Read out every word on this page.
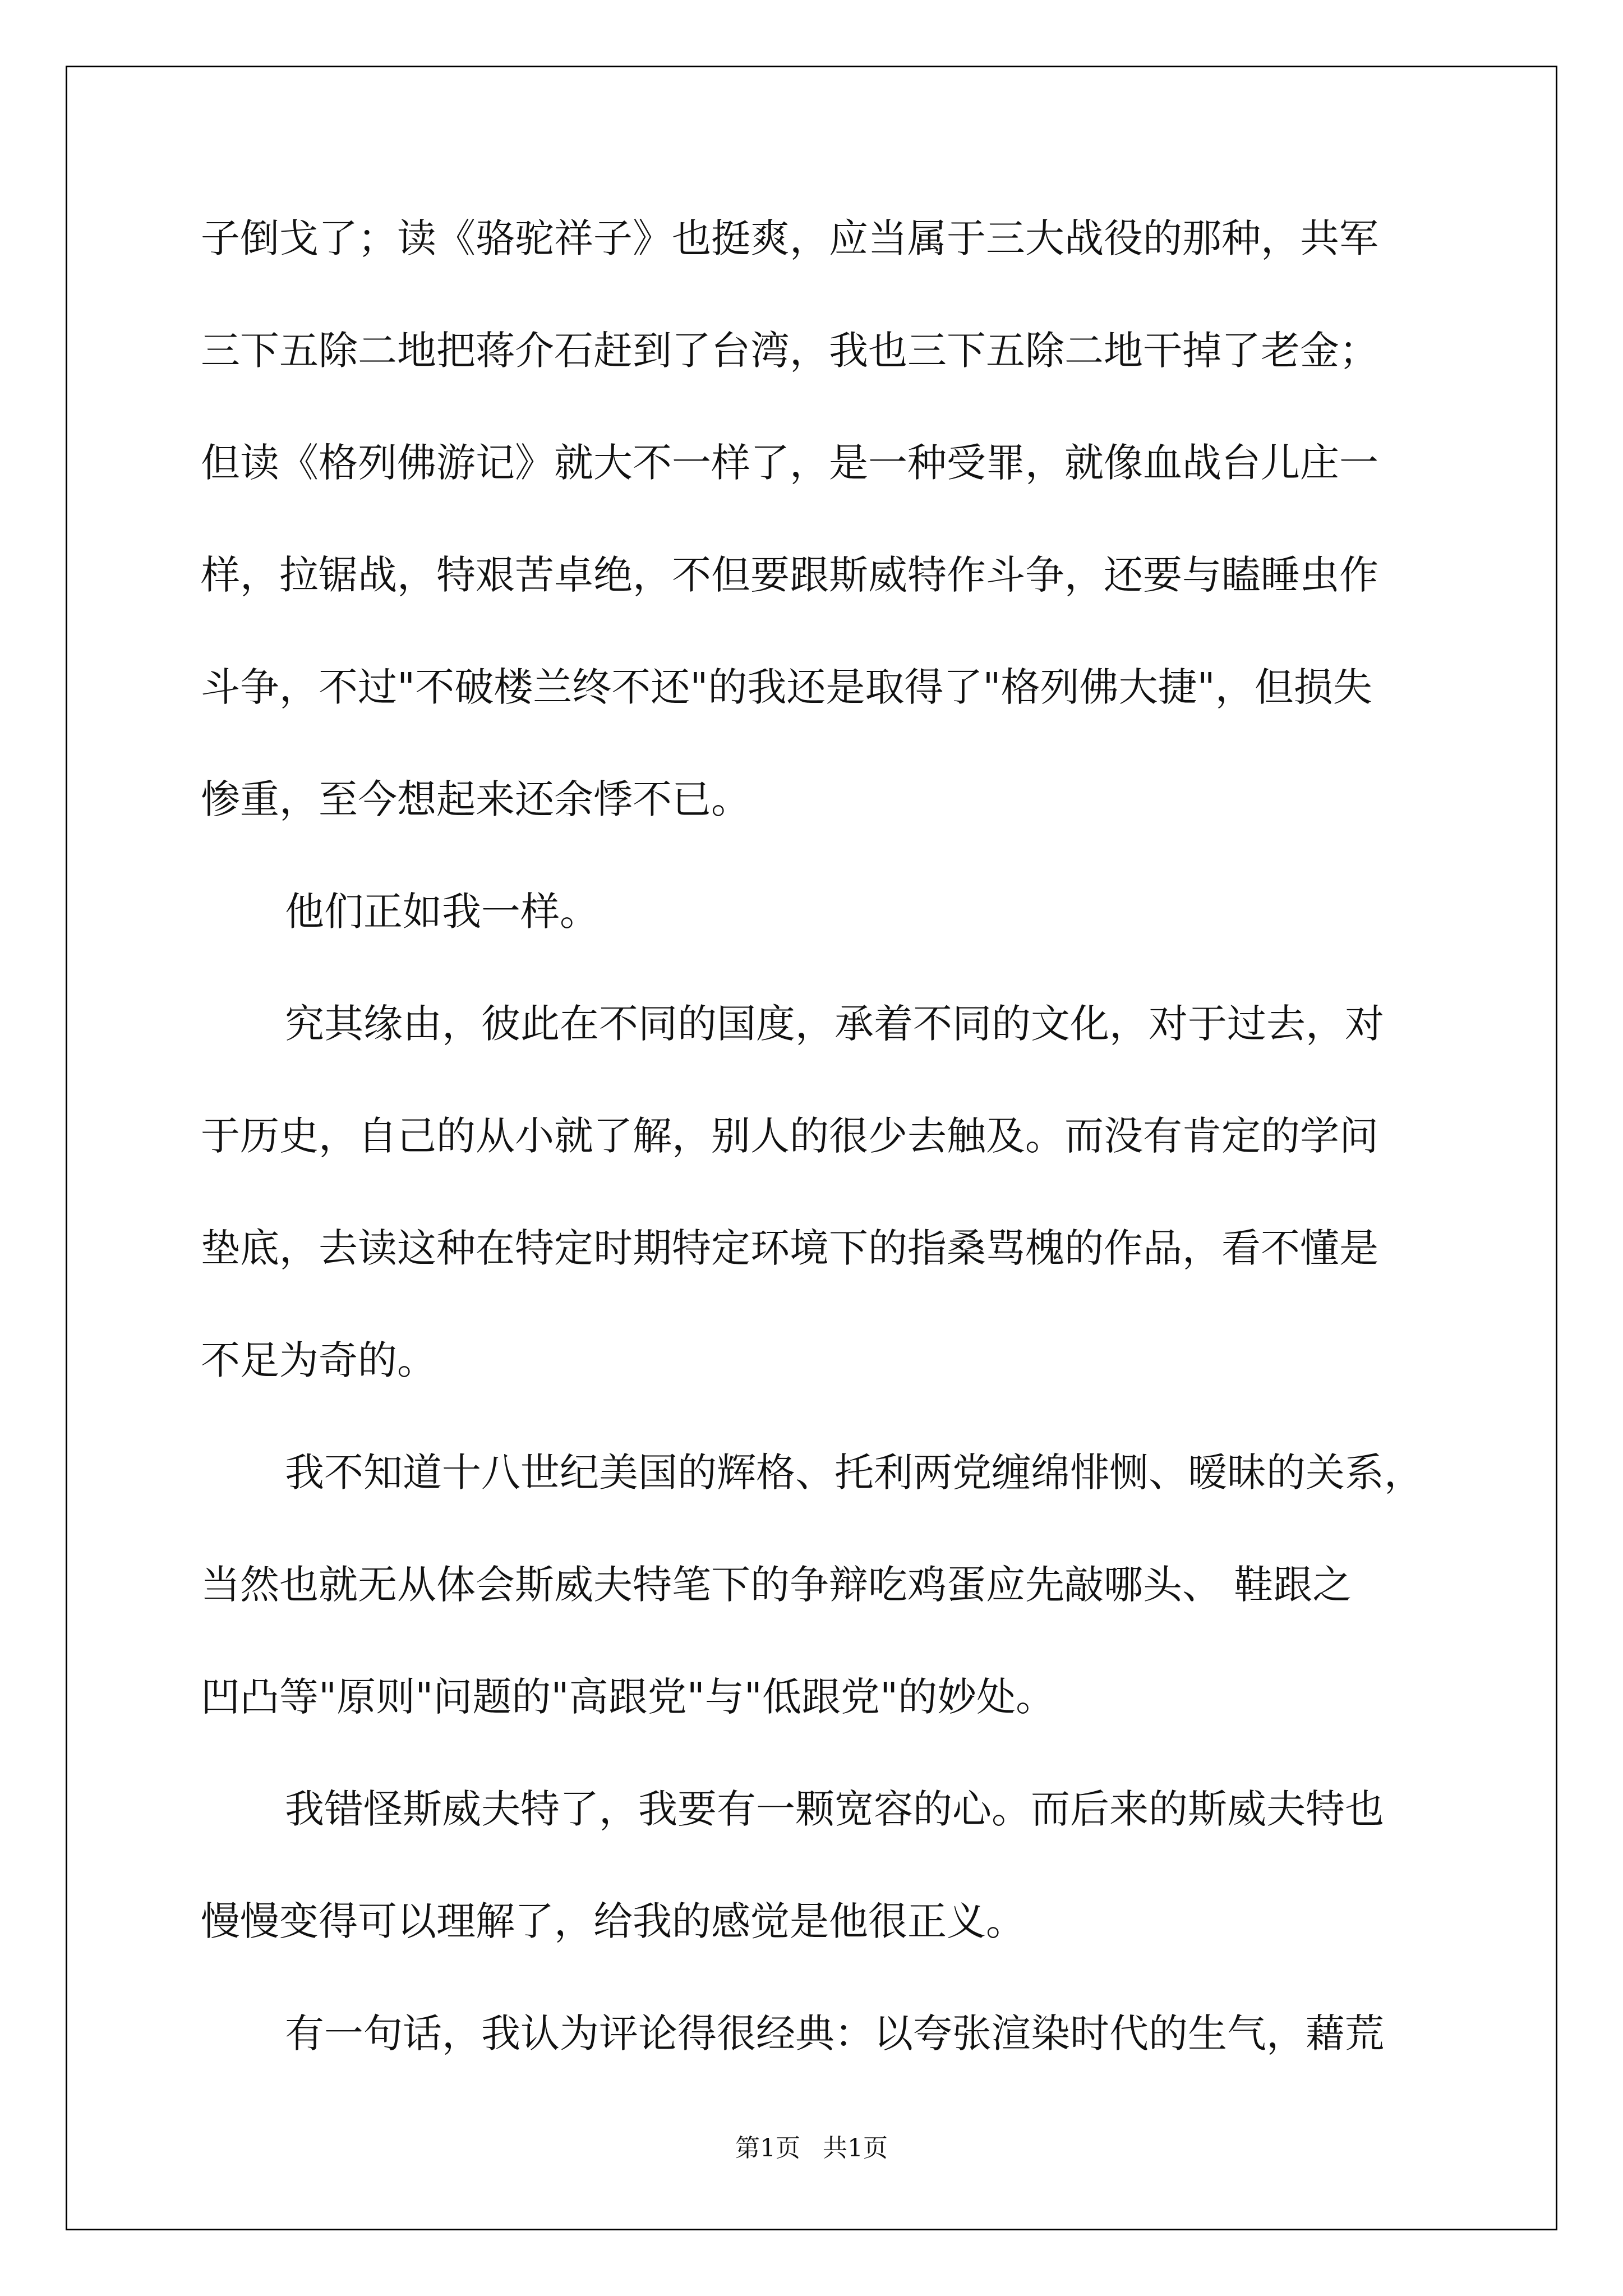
子倒戈了；读《骆驼祥子》也挺爽，应当属于三大战役的那种，共军
三下五除二地把蒋介石赶到了台湾，我也三下五除二地干掉了老金；
但读《格列佛游记》就大不一样了，是一种受罪，就像血战台儿庄一
样，拉锯战，特艰苦卓绝，不但要跟斯威特作斗争，还要与瞌睡虫作
斗争，不过"不破楼兰终不还"的我还是取得了"格列佛大捷"，但损失
惨重，至今想起来还余悸不已。
他们正如我一样。
究其缘由，彼此在不同的国度，承着不同的文化，对于过去，对
于历史，自己的从小就了解，别人的很少去触及。而没有肯定的学问
垫底，去读这种在特定时期特定环境下的指桑骂槐的作品，看不懂是
不足为奇的。
我不知道十八世纪美国的辉格、托利两党缠绵悱恻、暧昧的关系，
当然也就无从体会斯威夫特笔下的争辩吃鸡蛋应先敲哪头、 鞋跟之
凹凸等"原则"问题的"高跟党"与"低跟党"的妙处。
我错怪斯威夫特了，我要有一颗宽容的心。而后来的斯威夫特也
慢慢变得可以理解了，给我的感觉是他很正义。
有一句话，我认为评论得很经典：以夸张渲染时代的生气，藉荒
第1页 共1页
